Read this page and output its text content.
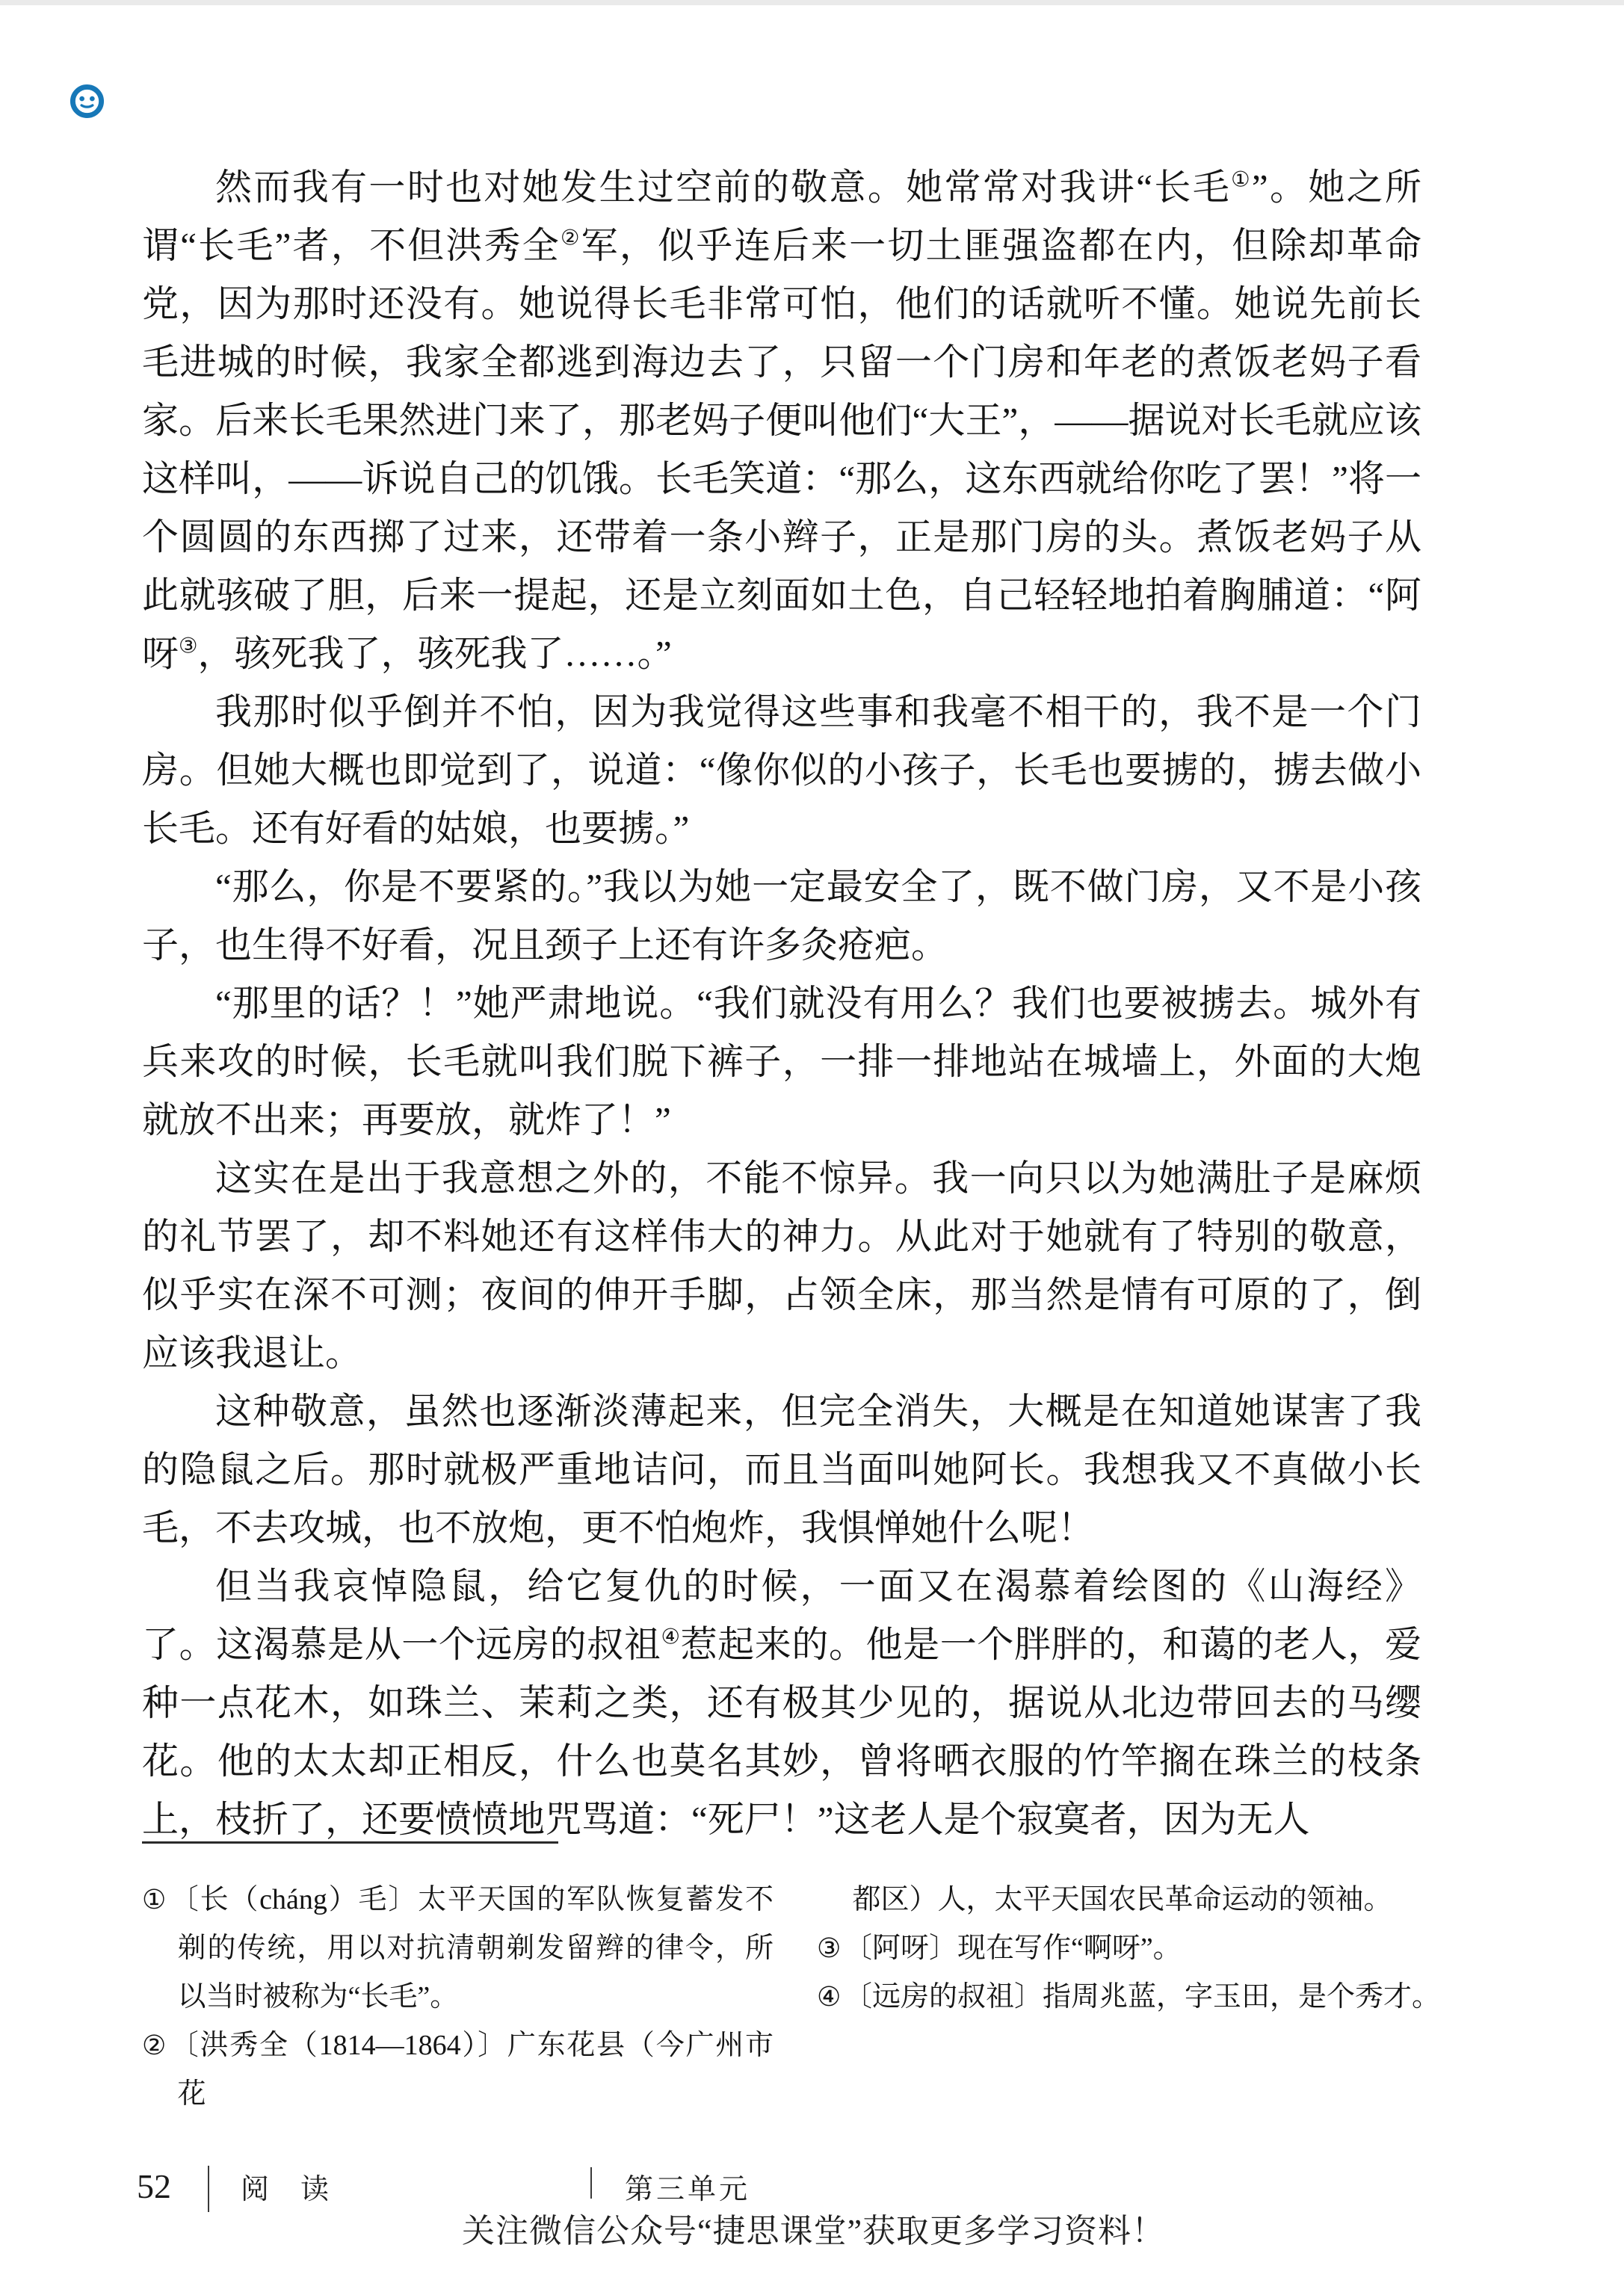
然而我有一时也对她发生过空前的敬意。她常常对我讲“长毛①”。她之所谓“长毛”者，不但洪秀全②军，似乎连后来一切土匪强盗都在内，但除却革命党，因为那时还没有。她说得长毛非常可怕，他们的话就听不懂。她说先前长毛进城的时候，我家全都逃到海边去了，只留一个门房和年老的煮饭老妈子看家。后来长毛果然进门来了，那老妈子便叫他们“大王”，——据说对长毛就应该这样叫，——诉说自己的饥饿。长毛笑道：“那么，这东西就给你吃了罢！”将一个圆圆的东西掷了过来，还带着一条小辫子，正是那门房的头。煮饭老妈子从此就骇破了胆，后来一提起，还是立刻面如土色，自己轻轻地拍着胸脯道：“阿呀③，骇死我了，骇死我了……。”

我那时似乎倒并不怕，因为我觉得这些事和我毫不相干的，我不是一个门房。但她大概也即觉到了，说道：“像你似的小孩子，长毛也要掳的，掳去做小长毛。还有好看的姑娘，也要掳。”

“那么，你是不要紧的。”我以为她一定最安全了，既不做门房，又不是小孩子，也生得不好看，况且颈子上还有许多灸疮疤。

“那里的话？！”她严肃地说。“我们就没有用么？我们也要被掳去。城外有兵来攻的时候，长毛就叫我们脱下裤子，一排一排地站在城墙上，外面的大炮就放不出来；再要放，就炸了！”

这实在是出于我意想之外的，不能不惊异。我一向只以为她满肚子是麻烦的礼节罢了，却不料她还有这样伟大的神力。从此对于她就有了特别的敬意，似乎实在深不可测；夜间的伸开手脚，占领全床，那当然是情有可原的了，倒应该我退让。

这种敬意，虽然也逐渐淡薄起来，但完全消失，大概是在知道她谋害了我的隐鼠之后。那时就极严重地诘问，而且当面叫她阿长。我想我又不真做小长毛，不去攻城，也不放炮，更不怕炮炸，我惧惮她什么呢！

但当我哀悼隐鼠，给它复仇的时候，一面又在渴慕着绘图的《山海经》了。这渴慕是从一个远房的叔祖④惹起来的。他是一个胖胖的，和蔼的老人，爱种一点花木，如珠兰、茉莉之类，还有极其少见的，据说从北边带回去的马缨花。他的太太却正相反，什么也莫名其妙，曾将晒衣服的竹竿搁在珠兰的枝条上，枝折了，还要愤愤地咒骂道：“死尸！”这老人是个寂寞者，因为无人

①〔长（cháng）毛〕太平天国的军队恢复蓄发不剃的传统，用以对抗清朝剃发留辫的律令，所以当时被称为“长毛”。
②〔洪秀全（1814—1864）〕广东花县（今广州市花
都区）人，太平天国农民革命运动的领袖。
③〔阿呀〕现在写作“啊呀”。
④〔远房的叔祖〕指周兆蓝，字玉田，是个秀才。
52 阅　读	第三单元
关注微信公众号“捷思课堂”获取更多学习资料！
